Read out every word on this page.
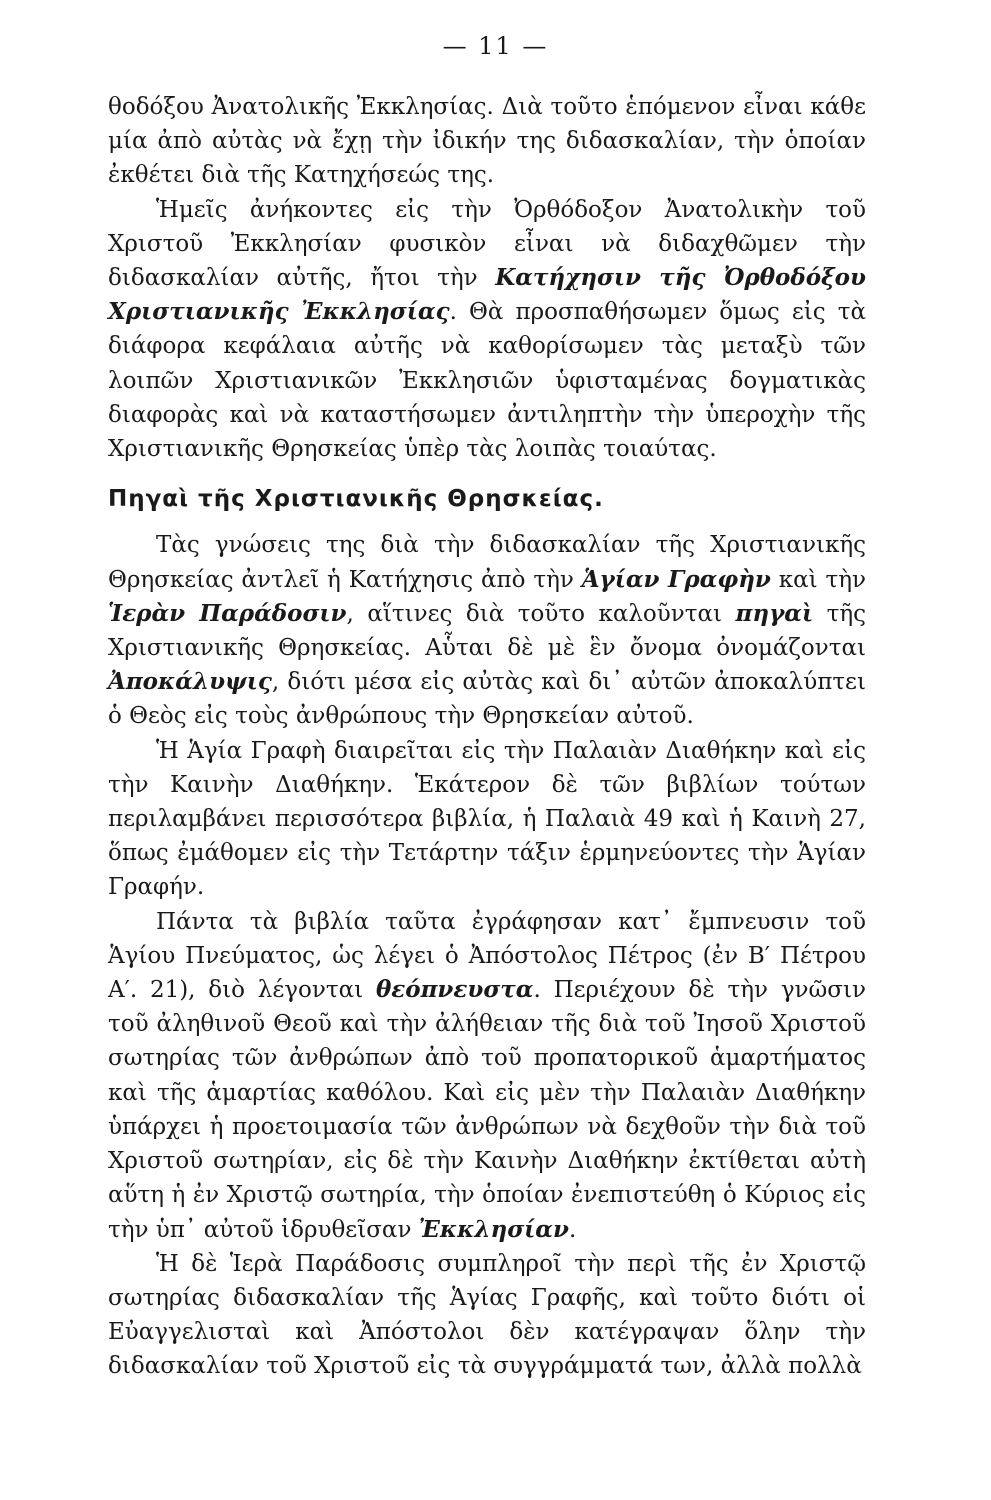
— 11 —

θοδόξου Ἀνατολικῆς Ἐκκλησίας. Διὰ τοῦτο ἑπόμενον εἶναι κάθε μία ἀπὸ αὐτὰς νὰ ἔχῃ τὴν ἰδικήν της διδασκαλίαν, τὴν ὁποίαν ἐκθέτει διὰ τῆς Κατηχήσεώς της.

Ἡμεῖς ἀνήκοντες εἰς τὴν Ὀρθόδοξον Ἀνατολικὴν τοῦ Χριστοῦ Ἐκκλησίαν φυσικὸν εἶναι νὰ διδαχθῶμεν τὴν διδασκαλίαν αὐτῆς, ἤτοι τὴν Κατήχησιν τῆς Ὀρθοδόξου Χριστιανικῆς Ἐκκλησίας. Θὰ προσπαθήσωμεν ὅμως εἰς τὰ διάφορα κεφάλαια αὐτῆς νὰ καθορίσωμεν τὰς μεταξὺ τῶν λοιπῶν Χριστιανικῶν Ἐκκλησιῶν ὑφισταμένας δογματικὰς διαφορὰς καὶ νὰ καταστήσωμεν ἀντιληπτὴν τὴν ὑπεροχὴν τῆς Χριστιανικῆς Θρησκείας ὑπὲρ τὰς λοιπὰς τοιαύτας.

Πηγαὶ τῆς Χριστιανικῆς Θρησκείας.

Τὰς γνώσεις της διὰ τὴν διδασκαλίαν τῆς Χριστιανικῆς Θρησκείας ἀντλεῖ ἡ Κατήχησις ἀπὸ τὴν Ἁγίαν Γραφὴν καὶ τὴν Ἱερὰν Παράδοσιν, αἵτινες διὰ τοῦτο καλοῦνται πηγαὶ τῆς Χριστιανικῆς Θρησκείας. Αὗται δὲ μὲ ἓν ὄνομα ὀνομάζονται Ἀποκάλυψις, διότι μέσα εἰς αὐτὰς καὶ δι᾽ αὐτῶν ἀποκαλύπτει ὁ Θεὸς εἰς τοὺς ἀνθρώπους τὴν Θρησκείαν αὐτοῦ.

Ἡ Ἁγία Γραφὴ διαιρεῖται εἰς τὴν Παλαιὰν Διαθήκην καὶ εἰς τὴν Καινὴν Διαθήκην. Ἑκάτερον δὲ τῶν βιβλίων τούτων περιλαμβάνει περισσότερα βιβλία, ἡ Παλαιὰ 49 καὶ ἡ Καινὴ 27, ὅπως ἐμάθομεν εἰς τὴν Τετάρτην τάξιν ἑρμηνεύοντες τὴν Ἁγίαν Γραφήν.

Πάντα τὰ βιβλία ταῦτα ἐγράφησαν κατ᾽ ἔμπνευσιν τοῦ Ἁγίου Πνεύματος, ὡς λέγει ὁ Ἀπόστολος Πέτρος (ἐν Β′ Πέτρου Α′. 21), διὸ λέγονται θεόπνευστα. Περιέχουν δὲ τὴν γνῶσιν τοῦ ἀληθινοῦ Θεοῦ καὶ τὴν ἀλήθειαν τῆς διὰ τοῦ Ἰησοῦ Χριστοῦ σωτηρίας τῶν ἀνθρώπων ἀπὸ τοῦ προπατορικοῦ ἁμαρτήματος καὶ τῆς ἁμαρτίας καθόλου. Καὶ εἰς μὲν τὴν Παλαιὰν Διαθήκην ὑπάρχει ἡ προετοιμασία τῶν ἀνθρώπων νὰ δεχθοῦν τὴν διὰ τοῦ Χριστοῦ σωτηρίαν, εἰς δὲ τὴν Καινὴν Διαθήκην ἐκτίθεται αὐτὴ αὕτη ἡ ἐν Χριστῷ σωτηρία, τὴν ὁποίαν ἐνεπιστεύθη ὁ Κύριος εἰς τὴν ὑπ᾽ αὐτοῦ ἱδρυθεῖσαν Ἐκκλησίαν.

Ἡ δὲ Ἱερὰ Παράδοσις συμπληροῖ τὴν περὶ τῆς ἐν Χριστῷ σωτηρίας διδασκαλίαν τῆς Ἁγίας Γραφῆς, καὶ τοῦτο διότι οἱ Εὐαγγελισταὶ καὶ Ἀπόστολοι δὲν κατέγραψαν ὅλην τὴν διδασκαλίαν τοῦ Χριστοῦ εἰς τὰ συγγράμματά των, ἀλλὰ πολλὰ
